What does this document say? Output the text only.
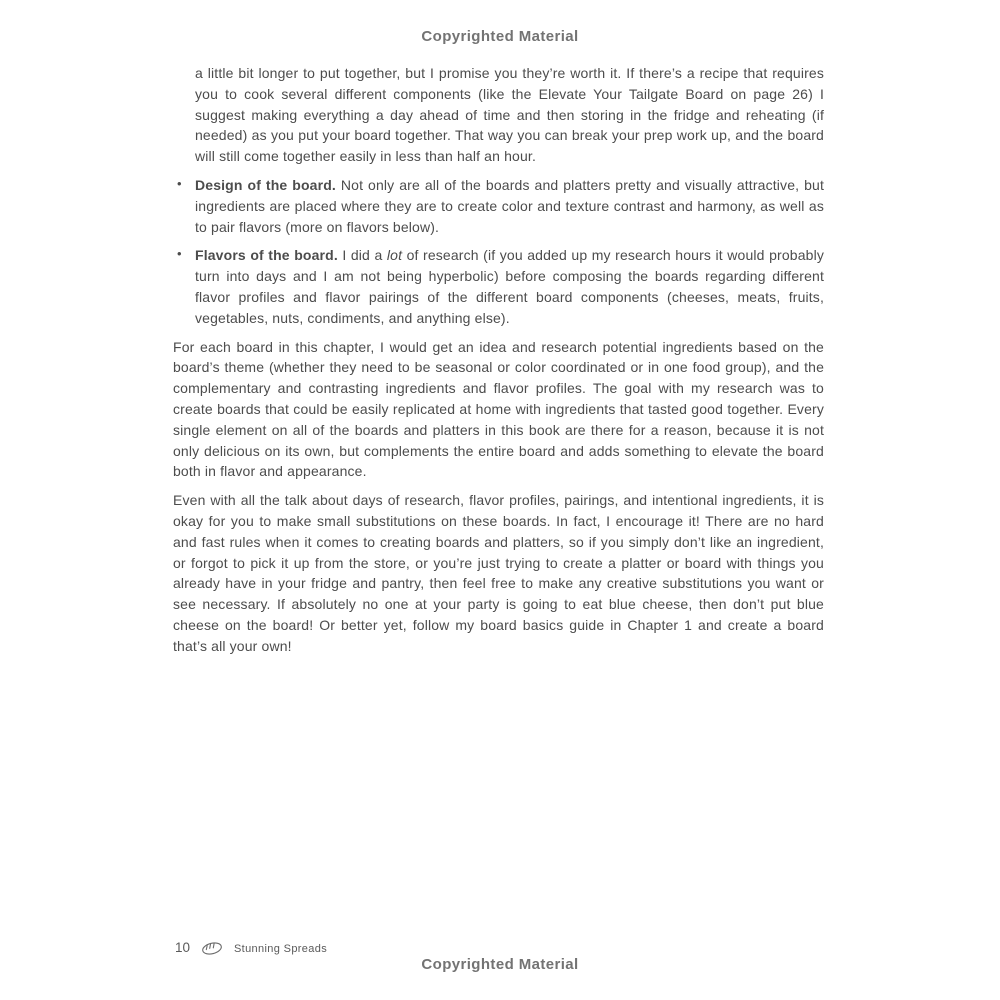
Copyrighted Material

a little bit longer to put together, but I promise you they’re worth it. If there’s a recipe that requires you to cook several different components (like the Elevate Your Tailgate Board on page 26) I suggest making everything a day ahead of time and then storing in the fridge and reheating (if needed) as you put your board together. That way you can break your prep work up, and the board will still come together easily in less than half an hour.

• Design of the board. Not only are all of the boards and platters pretty and visually attractive, but ingredients are placed where they are to create color and texture contrast and harmony, as well as to pair flavors (more on flavors below).
• Flavors of the board. I did a lot of research (if you added up my research hours it would probably turn into days and I am not being hyperbolic) before composing the boards regarding different flavor profiles and flavor pairings of the different board components (cheeses, meats, fruits, vegetables, nuts, condiments, and anything else).

For each board in this chapter, I would get an idea and research potential ingredients based on the board’s theme (whether they need to be seasonal or color coordinated or in one food group), and the complementary and contrasting ingredients and flavor profiles. The goal with my research was to create boards that could be easily replicated at home with ingredients that tasted good together. Every single element on all of the boards and platters in this book are there for a reason, because it is not only delicious on its own, but complements the entire board and adds something to elevate the board both in flavor and appearance.

Even with all the talk about days of research, flavor profiles, pairings, and intentional ingredients, it is okay for you to make small substitutions on these boards. In fact, I encourage it! There are no hard and fast rules when it comes to creating boards and platters, so if you simply don’t like an ingredient, or forgot to pick it up from the store, or you’re just trying to create a platter or board with things you already have in your fridge and pantry, then feel free to make any creative substitutions you want or see necessary. If absolutely no one at your party is going to eat blue cheese, then don’t put blue cheese on the board! Or better yet, follow my board basics guide in Chapter 1 and create a board that’s all your own!

10	Stunning Spreads
Copyrighted Material
